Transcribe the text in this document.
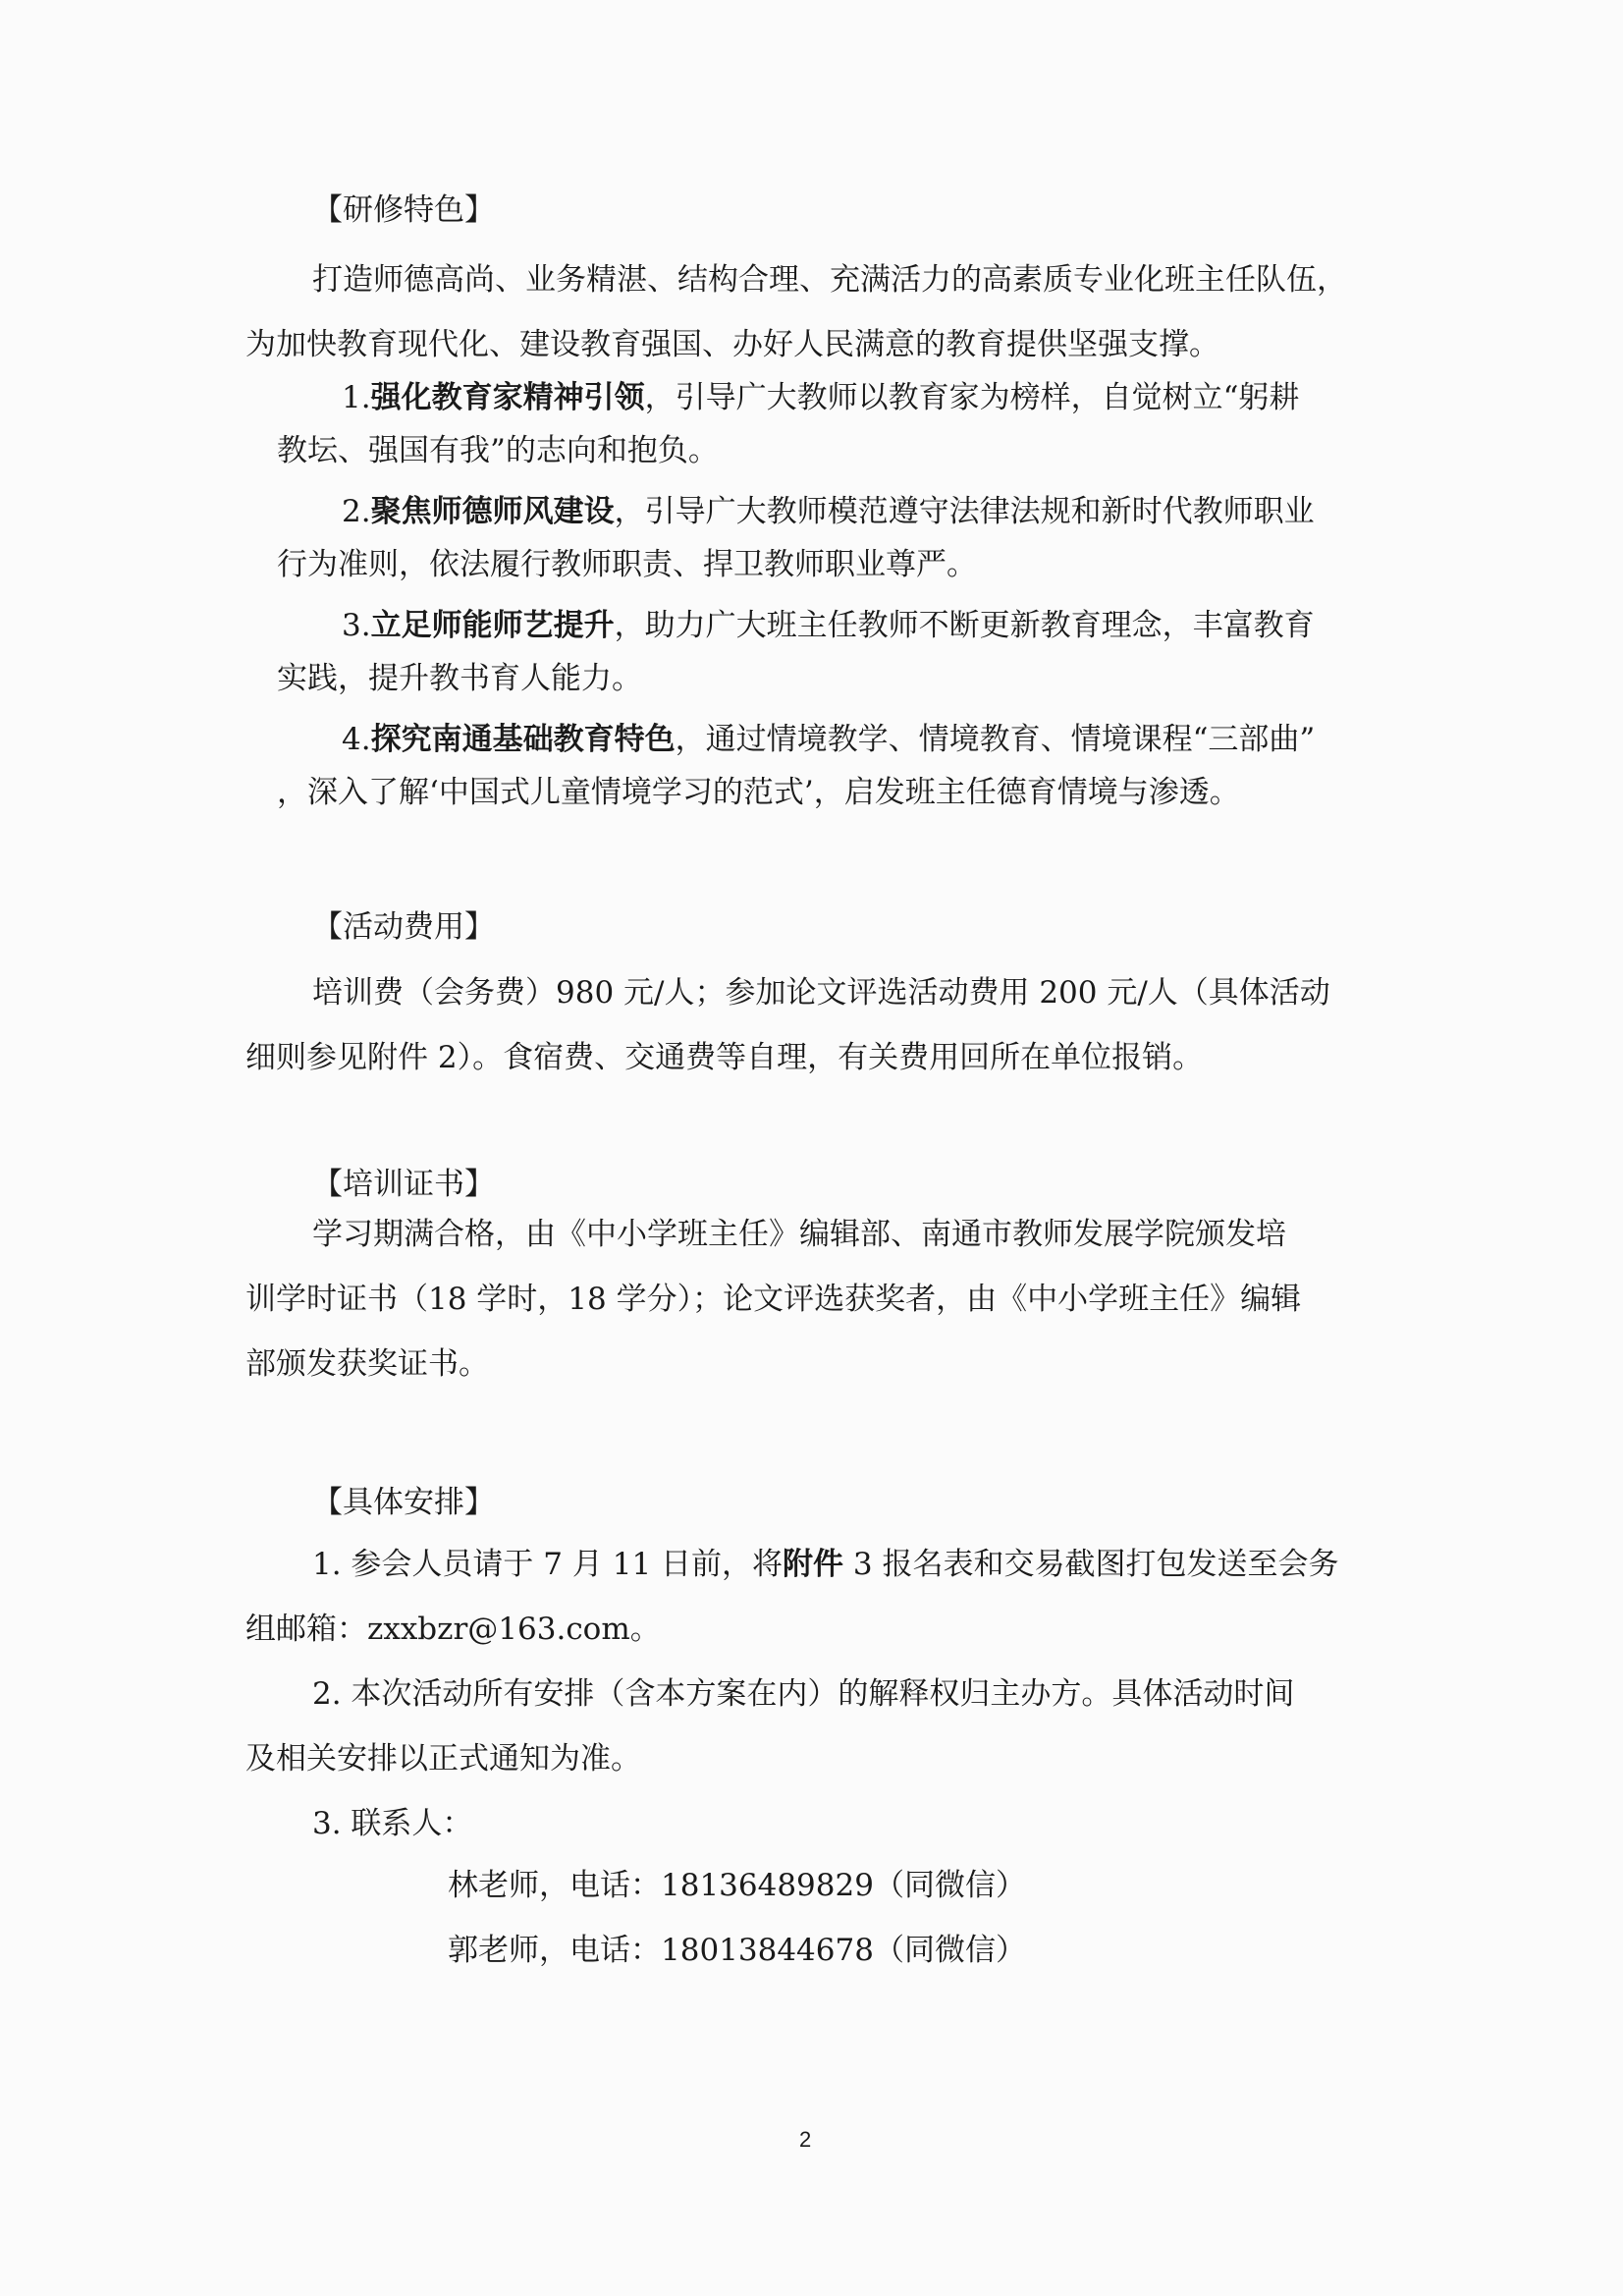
【研修特色】
打造师德高尚、业务精湛、结构合理、充满活力的高素质专业化班主任队伍，
为加快教育现代化、建设教育强国、办好人民满意的教育提供坚强支撑。
1.强化教育家精神引领，引导广大教师以教育家为榜样，自觉树立“躬耕
教坛、强国有我”的志向和抱负。
2.聚焦师德师风建设，引导广大教师模范遵守法律法规和新时代教师职业
行为准则，依法履行教师职责、捍卫教师职业尊严。
3.立足师能师艺提升，助力广大班主任教师不断更新教育理念，丰富教育
实践，提升教书育人能力。
4.探究南通基础教育特色，通过情境教学、情境教育、情境课程“三部曲”
，深入了解‘中国式儿童情境学习的范式’，启发班主任德育情境与渗透。
【活动费用】
培训费（会务费）980 元/人；参加论文评选活动费用 200 元/人（具体活动
细则参见附件 2）。食宿费、交通费等自理，有关费用回所在单位报销。
【培训证书】
学习期满合格，由《中小学班主任》编辑部、南通市教师发展学院颁发培
训学时证书（18 学时，18 学分）；论文评选获奖者，由《中小学班主任》编辑
部颁发获奖证书。
【具体安排】
1. 参会人员请于 7 月 11 日前，将附件 3 报名表和交易截图打包发送至会务
组邮箱：zxxbzr@163.com。
2. 本次活动所有安排（含本方案在内）的解释权归主办方。具体活动时间
及相关安排以正式通知为准。
3. 联系人：
林老师，电话：18136489829（同微信）
郭老师，电话：18013844678（同微信）
2
